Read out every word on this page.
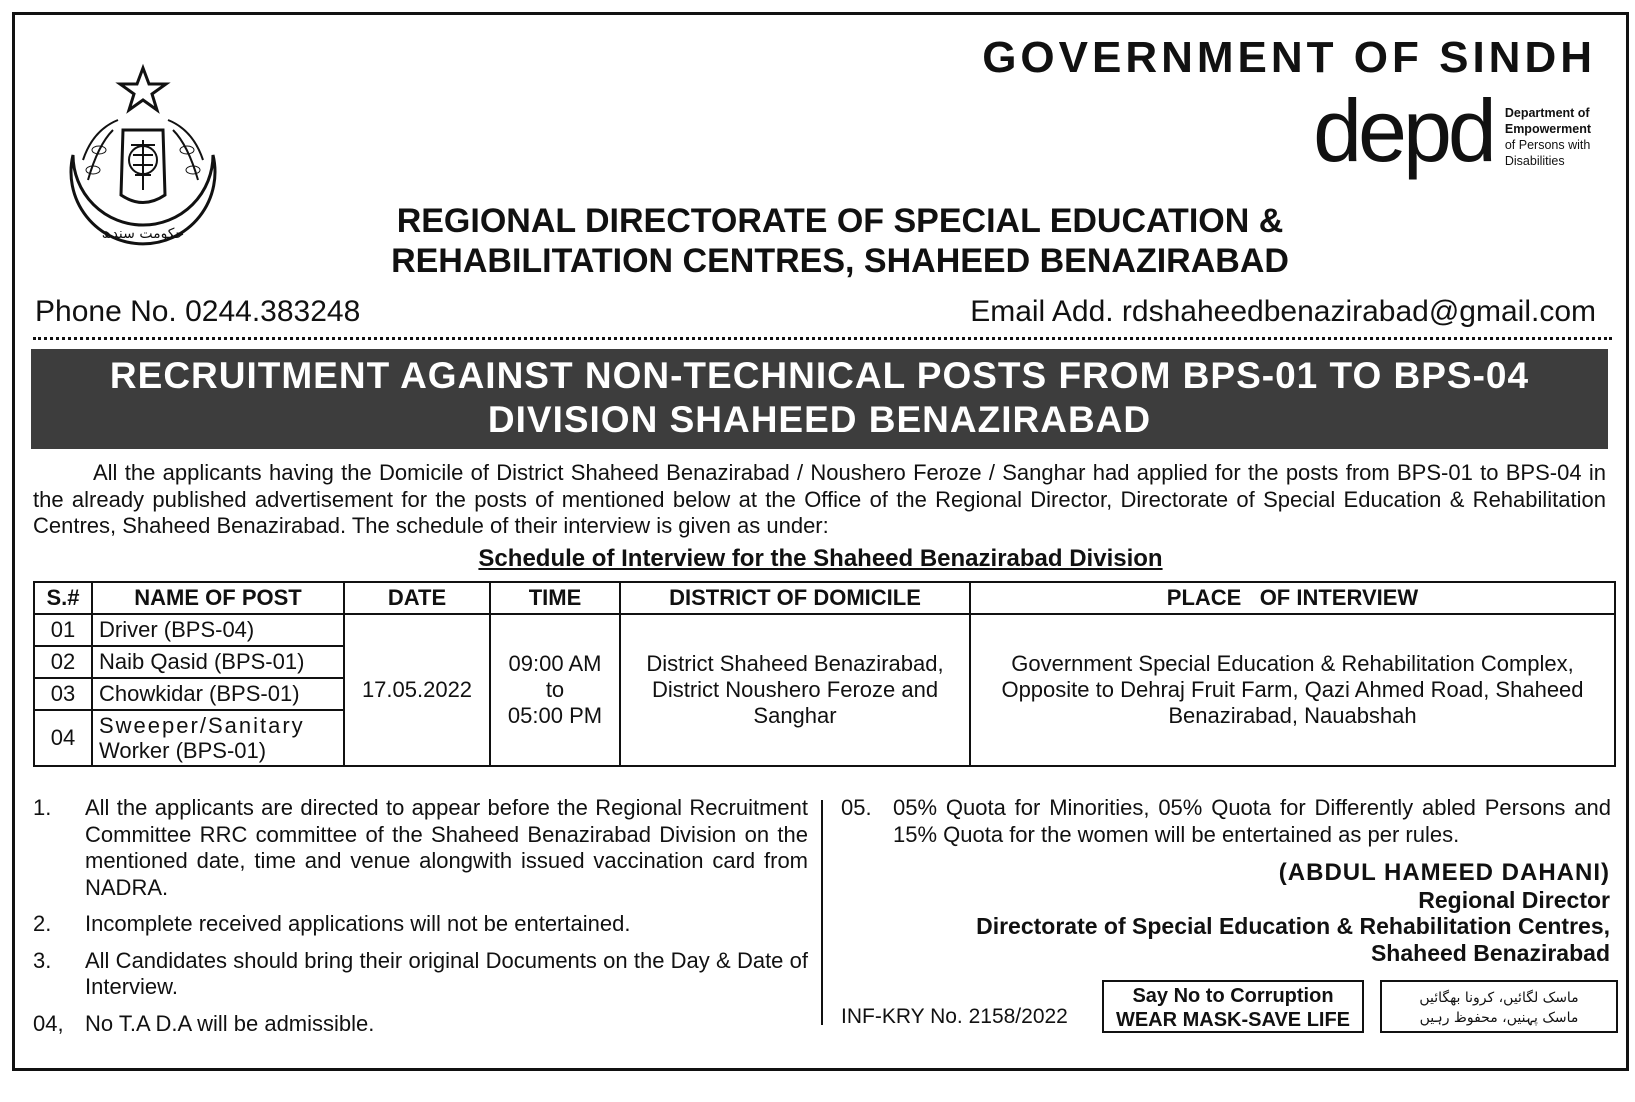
حکومت سندھ
GOVERNMENT OF SINDH
depd Department of
Empowerment
of Persons with
Disabilities
REGIONAL DIRECTORATE OF SPECIAL EDUCATION &
REHABILITATION CENTRES, SHAHEED BENAZIRABAD
Phone No. 0244.383248	Email Add. rdshaheedbenazirabad@gmail.com
RECRUITMENT AGAINST NON-TECHNICAL POSTS FROM BPS-01 TO BPS-04
DIVISION SHAHEED BENAZIRABAD
All the applicants having the Domicile of District Shaheed Benazirabad / Noushero Feroze / Sanghar had applied for the posts from BPS-01 to BPS-04 in the already published advertisement for the posts of mentioned below at the Office of the Regional Director, Directorate of Special Education & Rehabilitation Centres, Shaheed Benazirabad. The schedule of their interview is given as under:
Schedule of Interview for the Shaheed Benazirabad Division
S.#	NAME OF POST	DATE	TIME	DISTRICT OF DOMICILE	PLACE   OF INTERVIEW
01	Driver (BPS-04)	17.05.2022	09:00 AM
to
05:00 PM	District Shaheed Benazirabad, District Noushero Feroze and Sanghar	Government Special Education & Rehabilitation Complex, Opposite to Dehraj Fruit Farm, Qazi Ahmed Road, Shaheed Benazirabad, Nauabshah
02	Naib Qasid (BPS-01)				
03	Chowkidar (BPS-01)				
04	Sweeper/Sanitary
Worker (BPS-01)				
1.	All the applicants are directed to appear before the Regional Recruitment Committee RRC committee of the Shaheed Benazirabad Division on the mentioned date, time and venue alongwith issued vaccination card from NADRA.
2.	Incomplete received applications will not be entertained.
3.	All Candidates should bring their original Documents on the Day & Date of Interview.
04, No T.A D.A will be admissible.
05. 05% Quota for Minorities, 05% Quota for Differently abled Persons and 15% Quota for the women will be entertained as per rules.
(ABDUL HAMEED DAHANI)
Regional Director
Directorate of Special Education & Rehabilitation Centres,
Shaheed Benazirabad
INF-KRY No. 2158/2022
Say No to Corruption
WEAR MASK-SAVE LIFE
ماسک لگائیں، کرونا بھگائیں
ماسک پہنیں، محفوظ رہیں
